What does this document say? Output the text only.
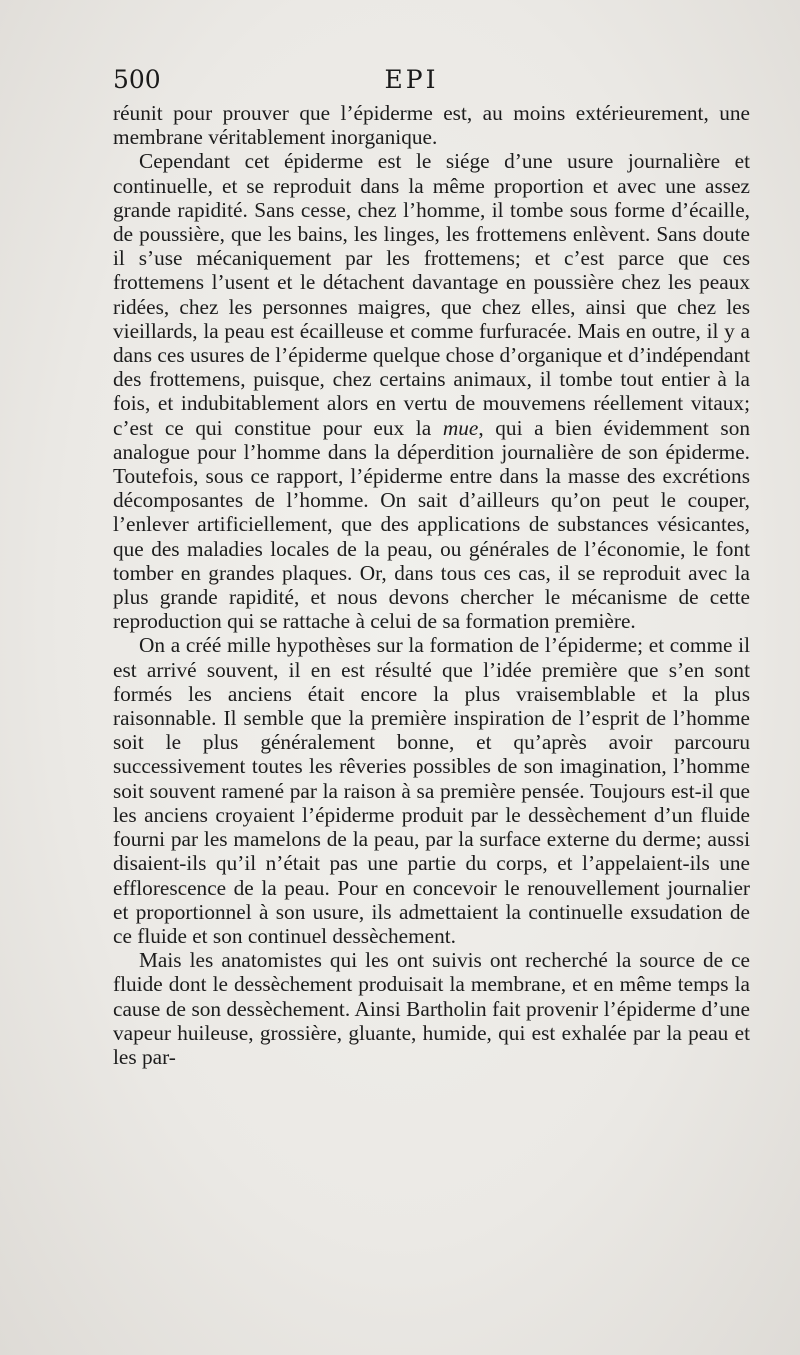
500	EPI

réunit pour prouver que l’épiderme est, au moins extérieurement, une membrane véritablement inorganique.

Cependant cet épiderme est le siége d’une usure journalière et continuelle, et se reproduit dans la même proportion et avec une assez grande rapidité. Sans cesse, chez l’homme, il tombe sous forme d’écaille, de poussière, que les bains, les linges, les frottemens enlèvent. Sans doute il s’use mécaniquement par les frottemens; et c’est parce que ces frottemens l’usent et le détachent davantage en poussière chez les peaux ridées, chez les personnes maigres, que chez elles, ainsi que chez les vieillards, la peau est écailleuse et comme furfuracée. Mais en outre, il y a dans ces usures de l’épiderme quelque chose d’organique et d’indépendant des frottemens, puisque, chez certains animaux, il tombe tout entier à la fois, et indubitablement alors en vertu de mouvemens réellement vitaux; c’est ce qui constitue pour eux la mue, qui a bien évidemment son analogue pour l’homme dans la déperdition journalière de son épiderme. Toutefois, sous ce rapport, l’épiderme entre dans la masse des excrétions décomposantes de l’homme. On sait d’ailleurs qu’on peut le couper, l’enlever artificiellement, que des applications de substances vésicantes, que des maladies locales de la peau, ou générales de l’économie, le font tomber en grandes plaques. Or, dans tous ces cas, il se reproduit avec la plus grande rapidité, et nous devons chercher le mécanisme de cette reproduction qui se rattache à celui de sa formation première.

On a créé mille hypothèses sur la formation de l’épiderme; et comme il est arrivé souvent, il en est résulté que l’idée première que s’en sont formés les anciens était encore la plus vraisemblable et la plus raisonnable. Il semble que la première inspiration de l’esprit de l’homme soit le plus généralement bonne, et qu’après avoir parcouru successivement toutes les rêveries possibles de son imagination, l’homme soit souvent ramené par la raison à sa première pensée. Toujours est-il que les anciens croyaient l’épiderme produit par le dessèchement d’un fluide fourni par les mamelons de la peau, par la surface externe du derme; aussi disaient-ils qu’il n’était pas une partie du corps, et l’appelaient-ils une efflorescence de la peau. Pour en concevoir le renouvellement journalier et proportionnel à son usure, ils admettaient la continuelle exsudation de ce fluide et son continuel dessèchement.

Mais les anatomistes qui les ont suivis ont recherché la source de ce fluide dont le dessèchement produisait la membrane, et en même temps la cause de son dessèchement. Ainsi Bartholin fait provenir l’épiderme d’une vapeur huileuse, grossière, gluante, humide, qui est exhalée par la peau et les par-
